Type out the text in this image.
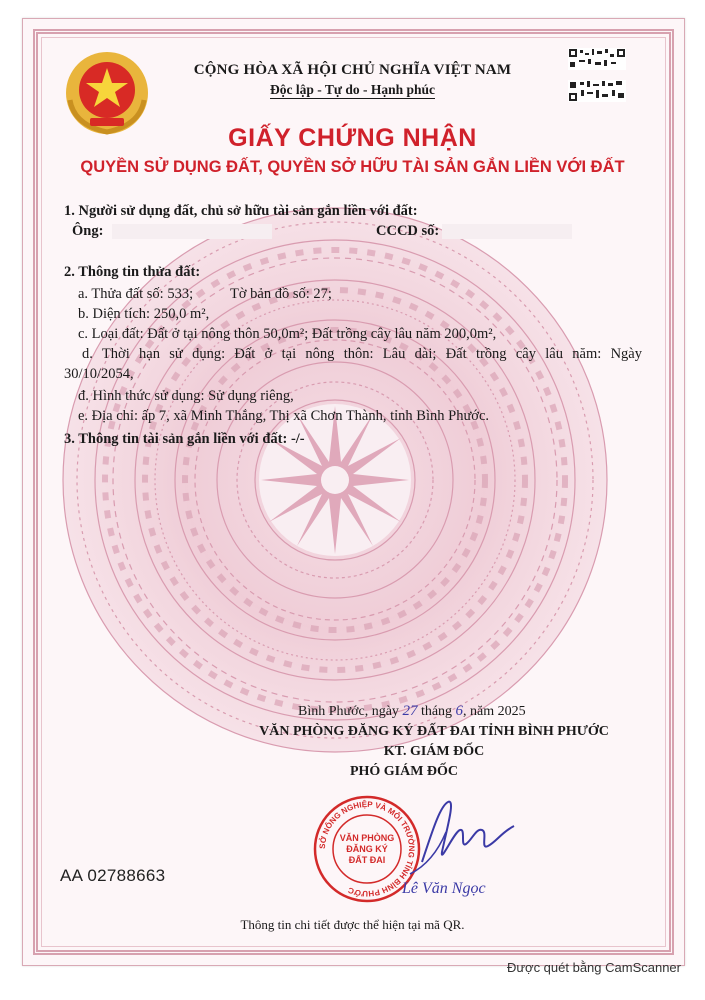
CỘNG HÒA XÃ HỘI CHỦ NGHĨA VIỆT NAM
Độc lập - Tự do - Hạnh phúc
GIẤY CHỨNG NHẬN
QUYỀN SỬ DỤNG ĐẤT, QUYỀN SỞ HỮU TÀI SẢN GẮN LIỀN VỚI ĐẤT
1. Người sử dụng đất, chủ sở hữu tài sản gắn liền với đất:
Ông:	CCCD số:
2. Thông tin thửa đất:
a. Thửa đất số: 533;	Tờ bản đồ số: 27;
b. Diện tích: 250,0 m²,
c. Loại đất: Đất ở tại nông thôn 50,0m²; Đất trồng cây lâu năm 200,0m²,
d. Thời hạn sử dụng: Đất ở tại nông thôn: Lâu dài; Đất trồng cây lâu năm: Ngày
30/10/2054,
đ. Hình thức sử dụng: Sử dụng riêng,
e. Địa chỉ: ấp 7, xã Minh Thắng, Thị xã Chơn Thành, tỉnh Bình Phước.
3. Thông tin tài sản gắn liền với đất: -/-
Bình Phước, ngày 27 tháng 6, năm 2025
VĂN PHÒNG ĐĂNG KÝ ĐẤT ĐAI TỈNH BÌNH PHƯỚC
KT. GIÁM ĐỐC
PHÓ GIÁM ĐỐC
SỞ NÔNG NGHIỆP VÀ MÔI TRƯỜNG TỈNH BÌNH PHƯỚC
VĂN PHÒNG
ĐĂNG KÝ
ĐẤT ĐAI
Lê Văn Ngọc
AA 02788663
Thông tin chi tiết được thể hiện tại mã QR.
Được quét bằng CamScanner
